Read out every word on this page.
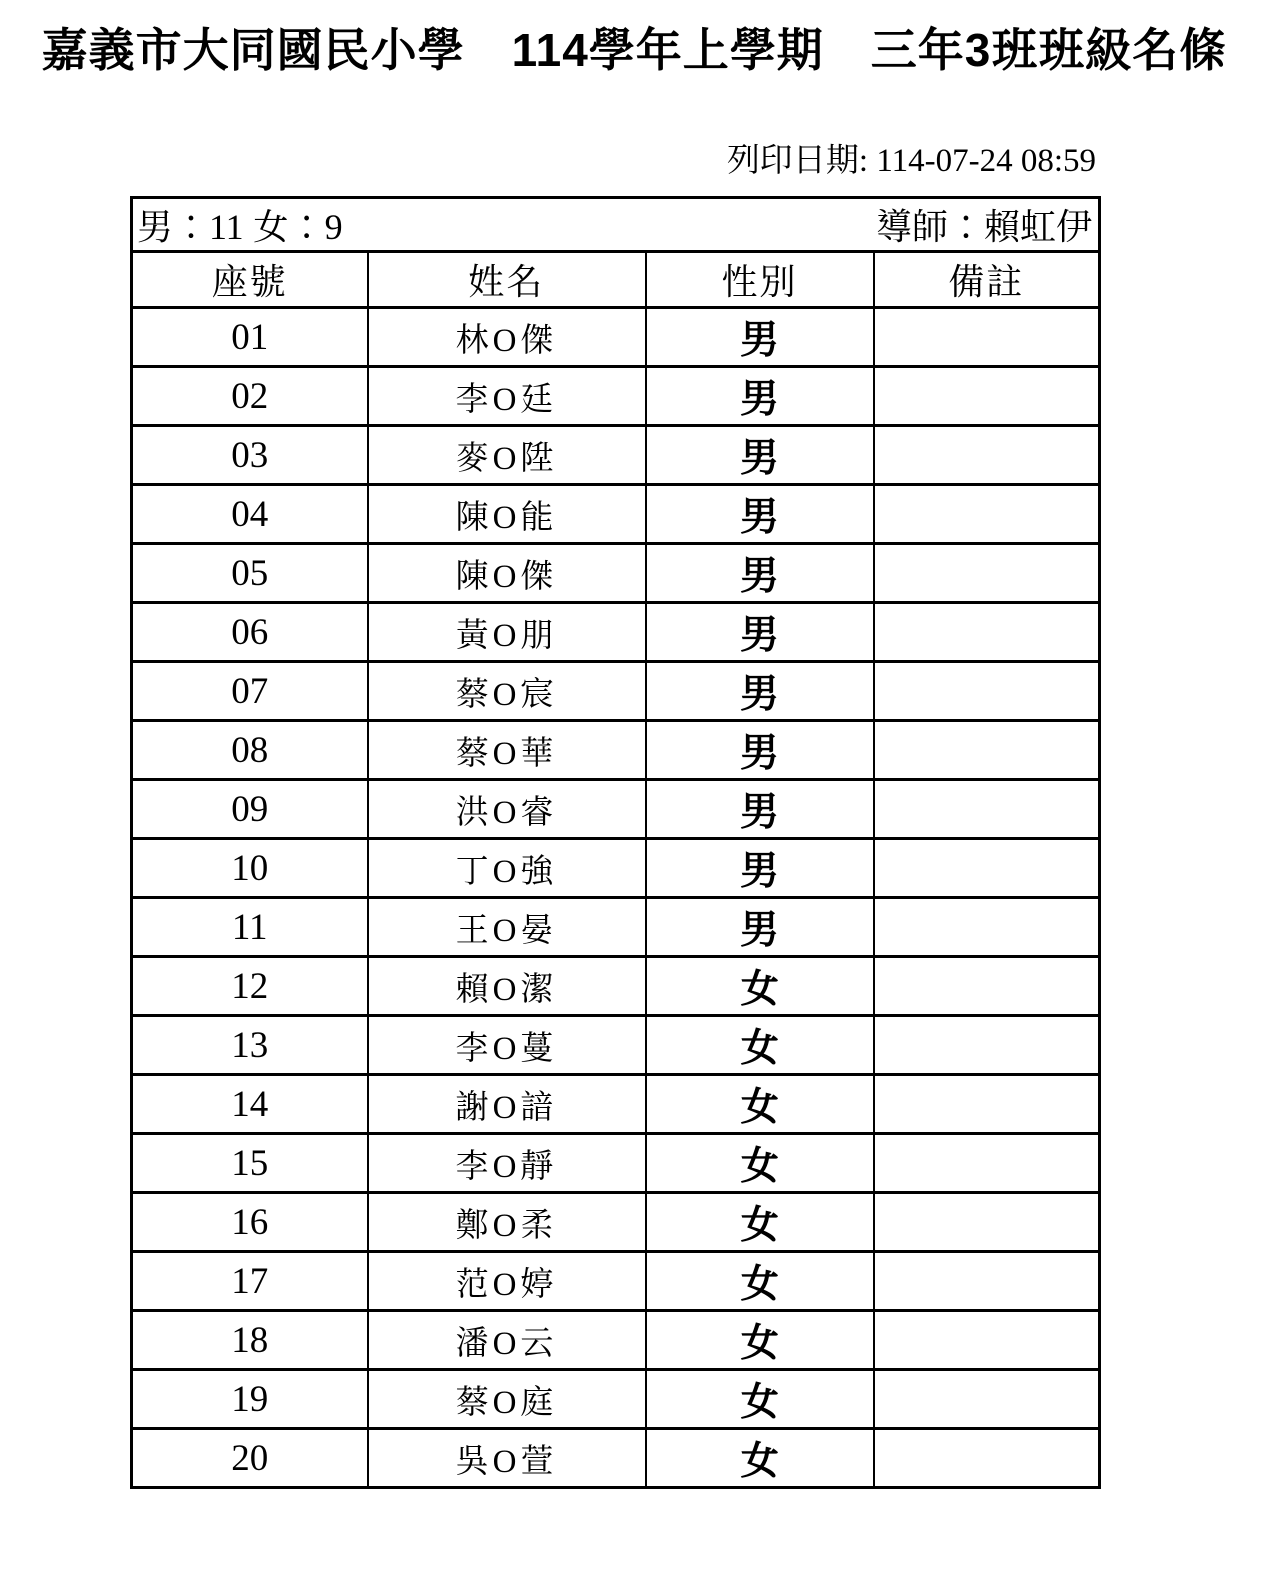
嘉義市大同國民小學　114學年上學期　三年3班班級名條
列印日期: 114-07-24 08:59
男：11 女：9 導師：賴虹伊			

座號	姓名	性別	備註
01	林O傑	男	
02	李O廷	男	
03	麥O陞	男	
04	陳O能	男	
05	陳O傑	男	
06	黃O朋	男	
07	蔡O宸	男	
08	蔡O華	男	
09	洪O睿	男	
10	丁O強	男	
11	王O晏	男	
12	賴O潔	女	
13	李O蔓	女	
14	謝O諳	女	
15	李O靜	女	
16	鄭O柔	女	
17	范O婷	女	
18	潘O云	女	
19	蔡O庭	女	
20	吳O萱	女	
